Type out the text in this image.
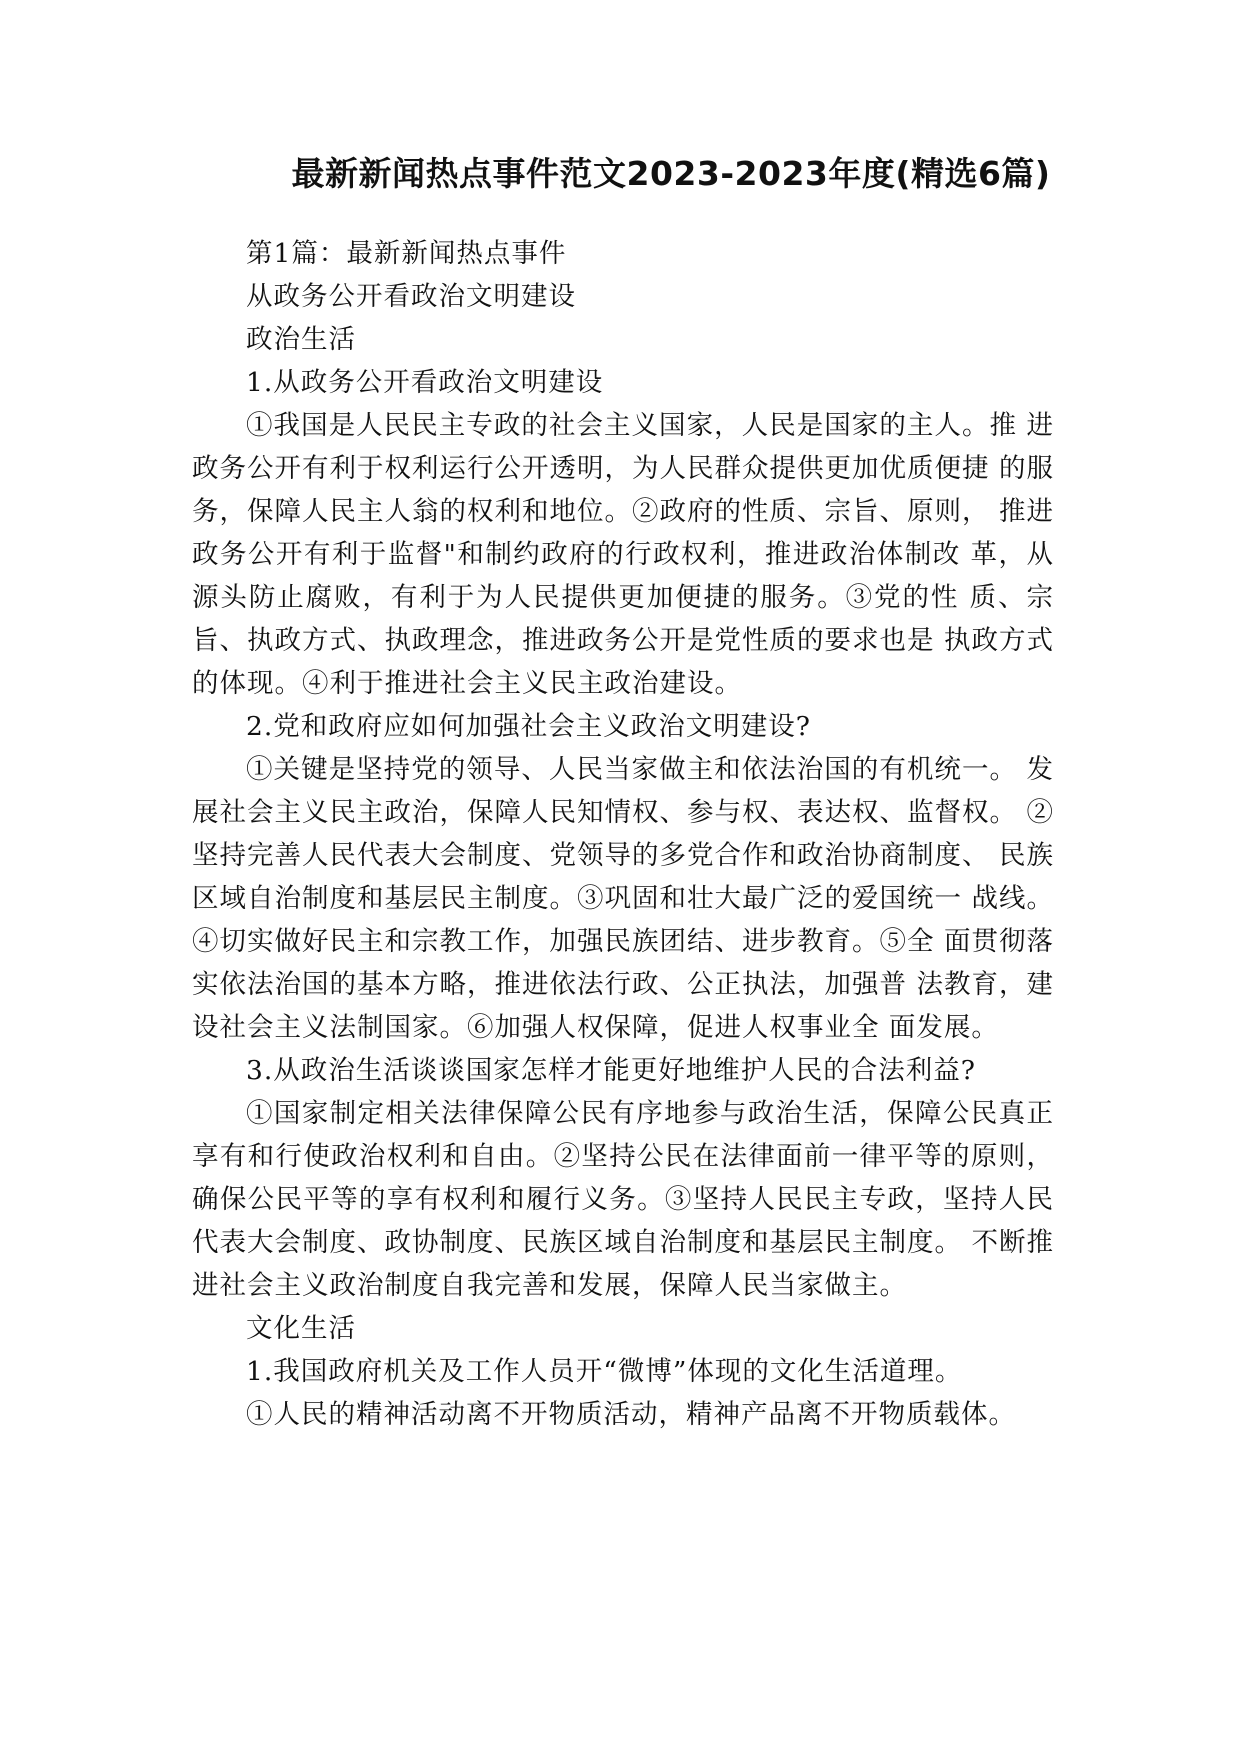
最新新闻热点事件范文2023-2023年度(精选6篇)

第1篇：最新新闻热点事件

从政务公开看政治文明建设

政治生活

1.从政务公开看政治文明建设

①我国是人民民主专政的社会主义国家，人民是国家的主人。推 进政务公开有利于权利运行公开透明，为人民群众提供更加优质便捷 的服务，保障人民主人翁的权利和地位。②政府的性质、宗旨、原则， 推进政务公开有利于监督"和制约政府的行政权利，推进政治体制改 革，从源头防止腐败，有利于为人民提供更加便捷的服务。③党的性 质、宗旨、执政方式、执政理念，推进政务公开是党性质的要求也是 执政方式的体现。④利于推进社会主义民主政治建设。

2.党和政府应如何加强社会主义政治文明建设?

①关键是坚持党的领导、人民当家做主和依法治国的有机统一。 发展社会主义民主政治，保障人民知情权、参与权、表达权、监督权。 ②坚持完善人民代表大会制度、党领导的多党合作和政治协商制度、 民族区域自治制度和基层民主制度。③巩固和壮大最广泛的爱国统一 战线。④切实做好民主和宗教工作，加强民族团结、进步教育。⑤全 面贯彻落实依法治国的基本方略，推进依法行政、公正执法，加强普 法教育，建设社会主义法制国家。⑥加强人权保障，促进人权事业全 面发展。

3.从政治生活谈谈国家怎样才能更好地维护人民的合法利益?

①国家制定相关法律保障公民有序地参与政治生活，保障公民真正享有和行使政治权利和自由。②坚持公民在法律面前一律平等的原则，确保公民平等的享有权利和履行义务。③坚持人民民主专政，坚持人民代表大会制度、政协制度、民族区域自治制度和基层民主制度。 不断推进社会主义政治制度自我完善和发展，保障人民当家做主。

文化生活

1.我国政府机关及工作人员开“微博”体现的文化生活道理。

①人民的精神活动离不开物质活动，精神产品离不开物质载体。
